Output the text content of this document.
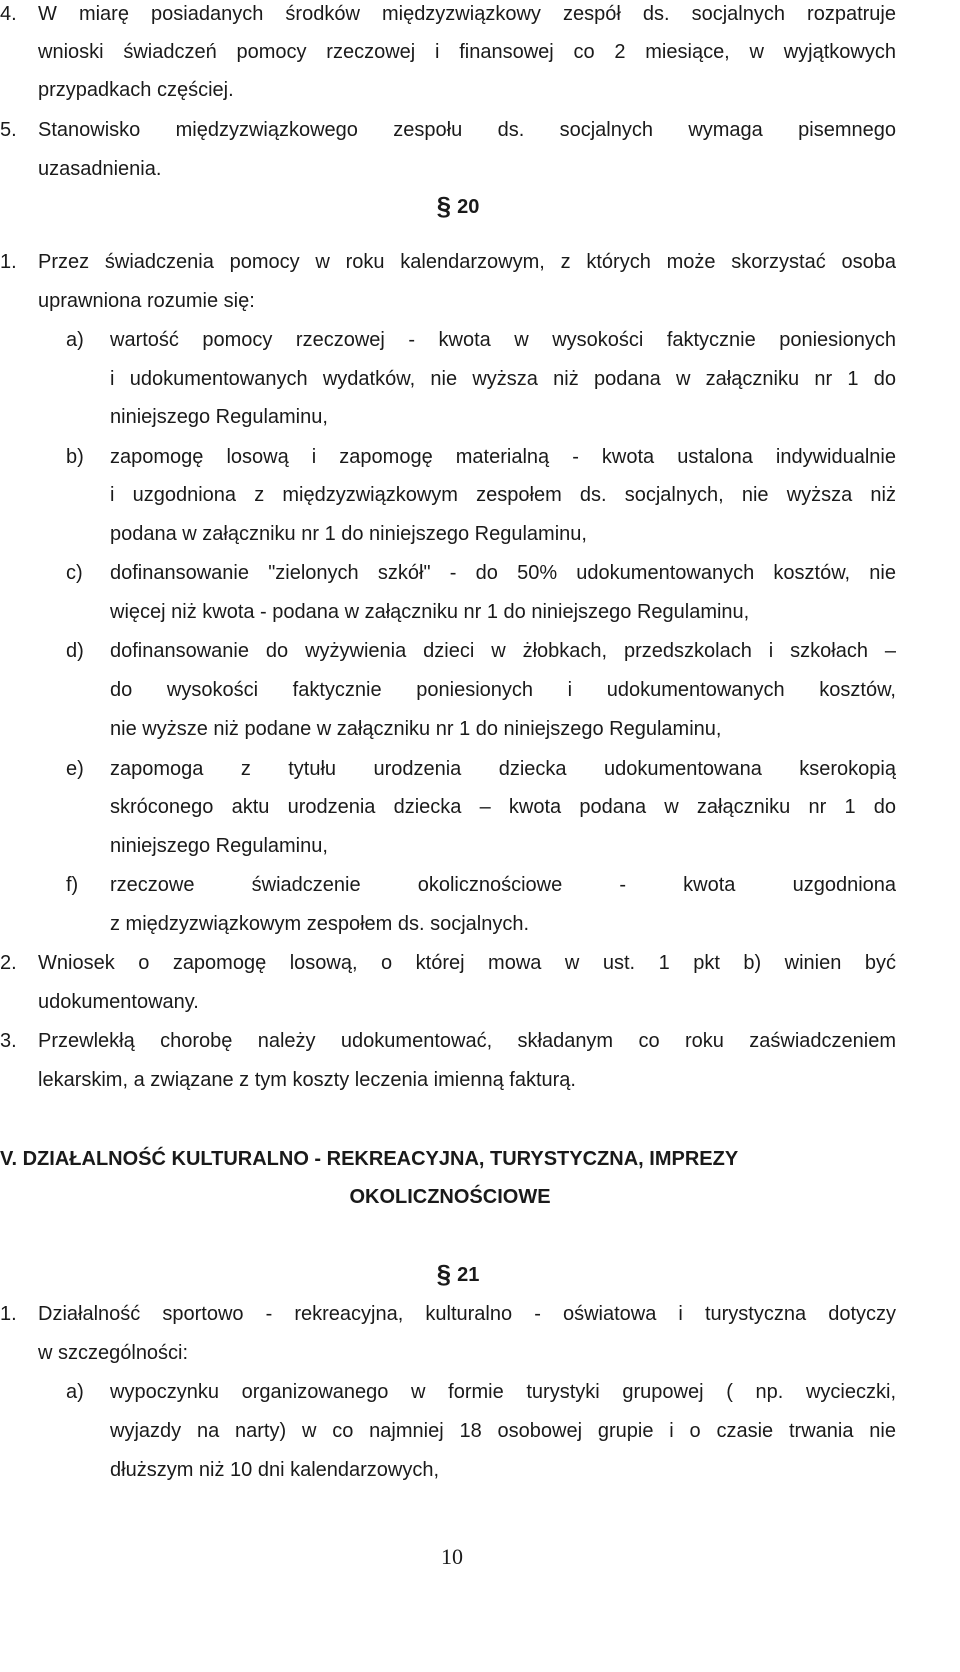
4. W miarę posiadanych środków międzyzwiązkowy zespół ds. socjalnych rozpatruje
wnioski świadczeń pomocy rzeczowej i finansowej co 2 miesiące, w wyjątkowych
przypadkach częściej.
5. Stanowisko międzyzwiązkowego zespołu ds. socjalnych wymaga pisemnego
uzasadnienia.
§ 20
1. Przez świadczenia pomocy w roku kalendarzowym, z których może skorzystać osoba
uprawniona rozumie się:
a) wartość pomocy rzeczowej - kwota w wysokości faktycznie poniesionych
i udokumentowanych wydatków, nie wyższa niż podana w załączniku nr 1 do
niniejszego Regulaminu,
b) zapomogę losową i zapomogę materialną - kwota ustalona indywidualnie
i uzgodniona z międzyzwiązkowym zespołem ds. socjalnych, nie wyższa niż
podana w załączniku nr 1 do niniejszego Regulaminu,
c) dofinansowanie "zielonych szkół" - do 50% udokumentowanych kosztów, nie
więcej niż kwota - podana w załączniku nr 1 do niniejszego Regulaminu,
d) dofinansowanie do wyżywienia dzieci w żłobkach, przedszkolach i szkołach –
do wysokości faktycznie poniesionych i udokumentowanych kosztów,
nie wyższe niż podane w załączniku nr 1 do niniejszego Regulaminu,
e) zapomoga z tytułu urodzenia dziecka udokumentowana kserokopią
skróconego aktu urodzenia dziecka – kwota podana w załączniku nr 1 do
niniejszego Regulaminu,
f) rzeczowe świadczenie okolicznościowe - kwota uzgodniona
z międzyzwiązkowym zespołem ds. socjalnych.
2. Wniosek o zapomogę losową, o której mowa w ust. 1 pkt b) winien być
udokumentowany.
3. Przewlekłą chorobę należy udokumentować, składanym co roku zaświadczeniem
lekarskim, a związane z tym koszty leczenia imienną fakturą.
V. DZIAŁALNOŚĆ KULTURALNO - REKREACYJNA, TURYSTYCZNA, IMPREZY
OKOLICZNOŚCIOWE
§ 21
1. Działalność sportowo - rekreacyjna, kulturalno - oświatowa i turystyczna dotyczy
w szczególności:
a) wypoczynku organizowanego w formie turystyki grupowej ( np. wycieczki,
wyjazdy na narty) w co najmniej 18 osobowej grupie i o czasie trwania nie
dłuższym niż 10 dni kalendarzowych,
10
